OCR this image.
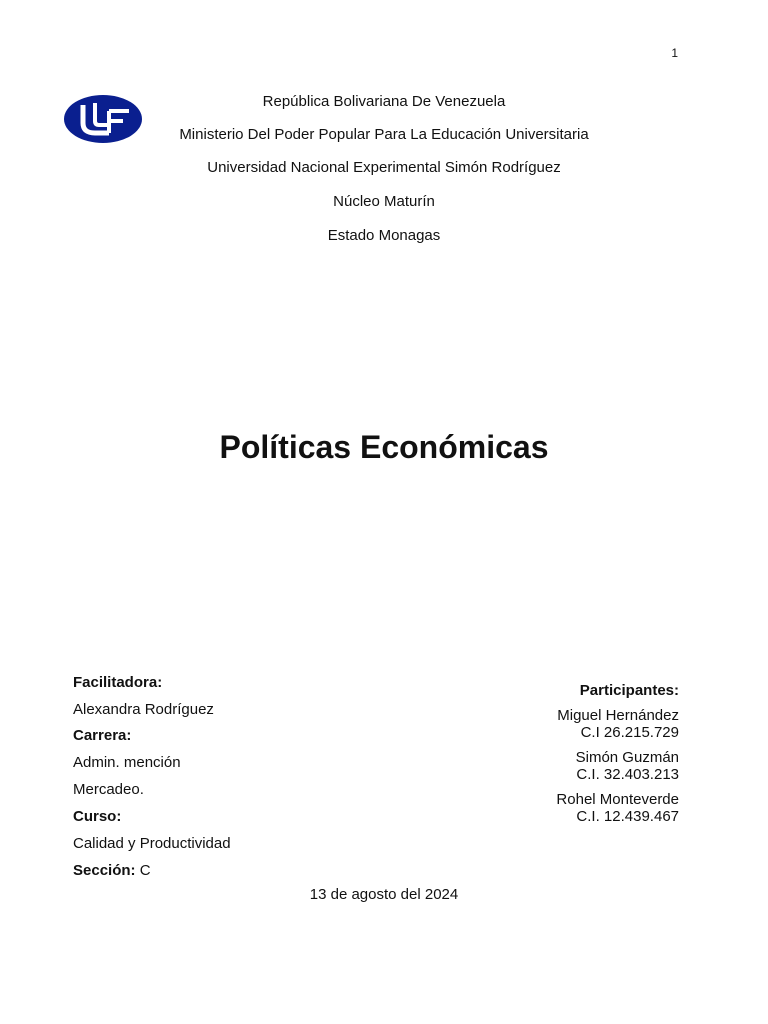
1
República Bolivariana De Venezuela
Ministerio Del Poder Popular Para La Educación Universitaria
Universidad Nacional Experimental Simón Rodríguez
Núcleo Maturín
Estado Monagas
Políticas Económicas
Facilitadora:
Alexandra Rodríguez
Carrera:
Admin. mención
Mercadeo.
Curso:
Calidad y Productividad
Sección: C
Participantes:
Miguel Hernández
C.I 26.215.729
Simón Guzmán
C.I. 32.403.213
Rohel Monteverde
C.I. 12.439.467
13 de agosto del 2024
